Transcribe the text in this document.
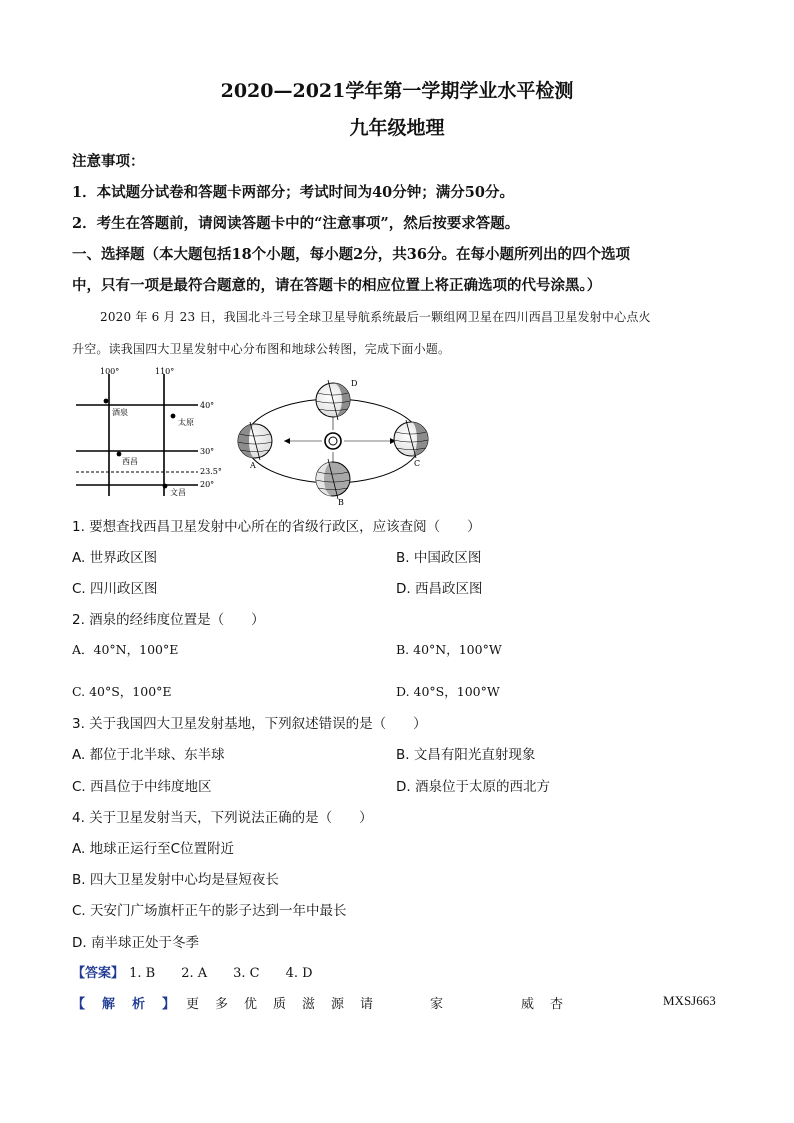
2020—2021学年第一学期学业水平检测
九年级地理
注意事项：
1．本试题分试卷和答题卡两部分；考试时间为40分钟；满分50分。
2．考生在答题前，请阅读答题卡中的“注意事项”，然后按要求答题。
一、选择题（本大题包括18个小题，每小题2分，共36分。在每小题所列出的四个选项
中，只有一项是最符合题意的，请在答题卡的相应位置上将正确选项的代号涂黑。）
2020 年 6 月 23 日，我国北斗三号全球卫星导航系统最后一颗组网卫星在四川西昌卫星发射中心点火
升空。读我国四大卫星发射中心分布图和地球公转图，完成下面小题。
100°	110°
40°
30°
23.5°
20°
酒泉
太原
西昌
文昌
D
A	C
B
1. 要想查找西昌卫星发射中心所在的省级行政区，应该查阅（　　）
A. 世界政区图	B. 中国政区图
C. 四川政区图	D. 西昌政区图
2. 酒泉的经纬度位置是（　　）
A．40°N，100°E	B. 40°N，100°W
C. 40°S，100°E	D. 40°S，100°W
3. 关于我国四大卫星发射基地，下列叙述错误的是（　　）
A. 都位于北半球、东半球	B. 文昌有阳光直射现象
C. 西昌位于中纬度地区	D. 酒泉位于太原的西北方
4. 关于卫星发射当天，下列说法正确的是（　　）
A. 地球正运行至C位置附近
B. 四大卫星发射中心均是昼短夜长
C. 天安门广场旗杆正午的影子达到一年中最长
D. 南半球正处于冬季
【答案】 1. B　　2. A　　3. C　　4. D
【　解　析　】 更 多 优 质 滋 源 请	家	威 杏	MXSJ663
